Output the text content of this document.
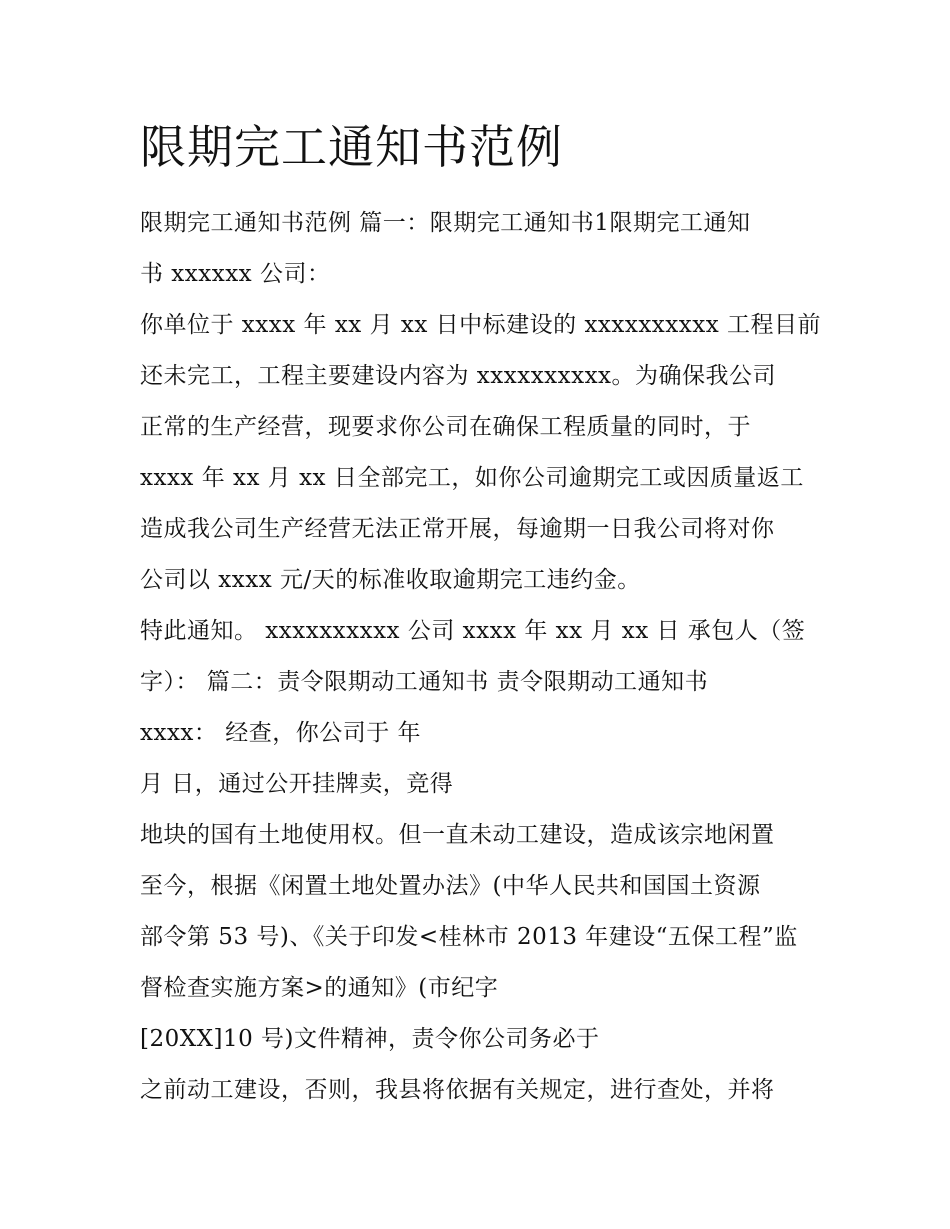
限期完工通知书范例
限期完工通知书范例 篇一：限期完工通知书1限期完工通知
书 xxxxxx 公司：
你单位于 xxxx 年 xx 月 xx 日中标建设的 xxxxxxxxxx 工程目前
还未完工，工程主要建设内容为 xxxxxxxxxx。为确保我公司
正常的生产经营，现要求你公司在确保工程质量的同时，于
xxxx 年 xx 月 xx 日全部完工，如你公司逾期完工或因质量返工
造成我公司生产经营无法正常开展，每逾期一日我公司将对你
公司以 xxxx 元/天的标准收取逾期完工违约金。
特此通知。 xxxxxxxxxx 公司 xxxx 年 xx 月 xx 日 承包人（签
字）： 篇二：责令限期动工通知书 责令限期动工通知书
xxxx： 经查，你公司于 年
月 日，通过公开挂牌卖，竞得
地块的国有土地使用权。但一直未动工建设，造成该宗地闲置
至今，根据《闲置土地处置办法》(中华人民共和国国土资源
部令第 53 号)、《关于印发<桂林市 2013 年建设“五保工程”监
督检查实施方案>的通知》(市纪字
[20XX]10 号)文件精神，责令你公司务必于
之前动工建设，否则，我县将依据有关规定，进行查处，并将
